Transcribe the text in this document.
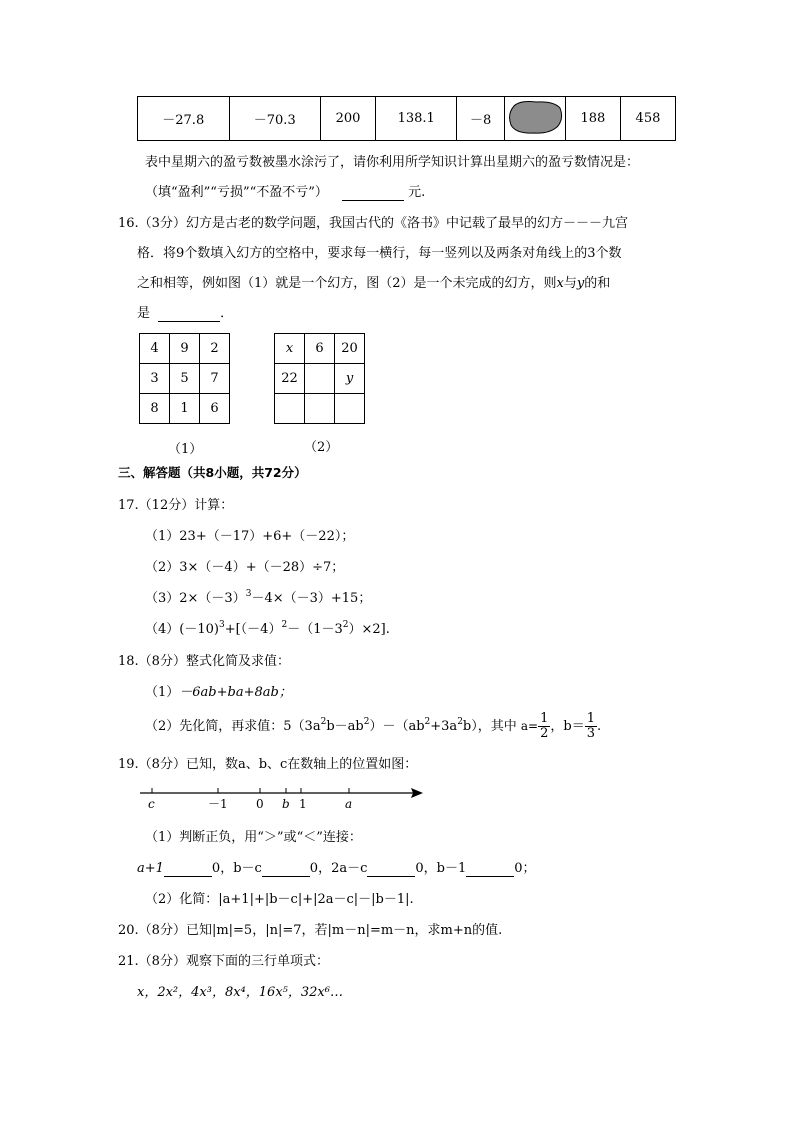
－27.8	－70.3	200	138.1	－8		188	458
表中星期六的盈亏数被墨水涂污了，请你利用所学知识计算出星期六的盈亏数情况是：
（填“盈利”“亏损”“不盈不亏”）	元.
16.（3分）幻方是古老的数学问题，我国古代的《洛书》中记载了最早的幻方－－－九宫
格．将9个数填入幻方的空格中，要求每一横行，每一竖列以及两条对角线上的3个数
之和相等，例如图（1）就是一个幻方，图（2）是一个未完成的幻方，则x与y的和
是	．
4	9	2
3	5	7
8	1	6
（1）
x	6	20
22		y

（2）
三、解答题（共8小题，共72分）
17.（12分）计算：
（1）23+（－17）+6+（－22）；
（2）3×（－4）+（－28）÷7；
$(3)2\times(-3)^3-4\times(-3)+15$；
$(4)(-10)^3+[(-4)^2-(1-3^2)\times 2]$.
18.（8分）整式化简及求值：
（1）－6ab+ba+8ab；
（2）先化简，再求值：$5(3a^2b-ab^2)-(ab^2+3a^2b)$，其中 $a= \frac{1}{2}$ ，$b= \frac{1}{3}$ .
19.（8分）已知，数a、b、c在数轴上的位置如图：
c	－1 0 b 1	a
（1）判断正负，用“＞”或“＜”连接：
a+1	0，b－c	0，2a－c	0，b－1	0；
（2）化简：|a+1|+|b－c|+|2a－c|－|b－1|.
20.（8分）已知|m|=5，|n|=7，若|m－n|=m－n，求m+n的值.
21.（8分）观察下面的三行单项式：
x，2x²，4x³，8x⁴，16x⁵，32x⁶…
